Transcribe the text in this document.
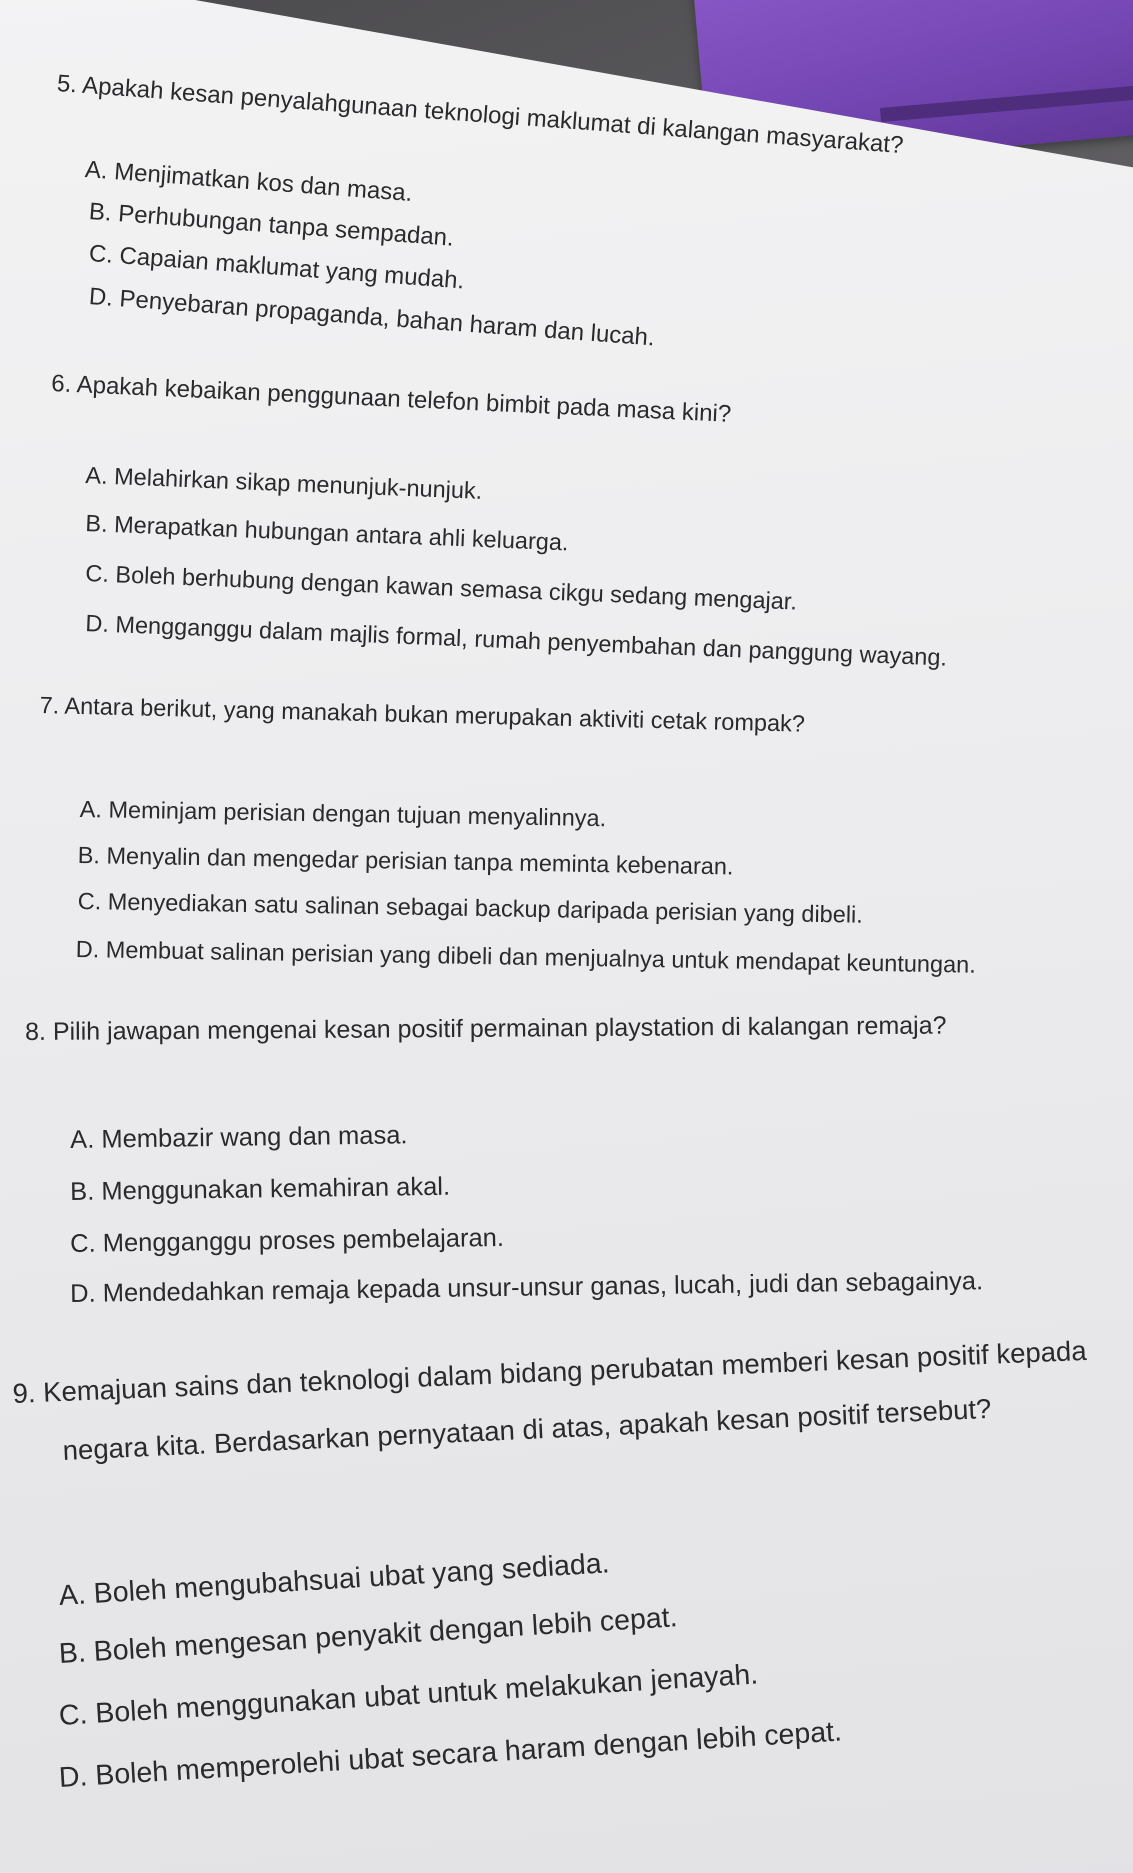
5. Apakah kesan penyalahgunaan teknologi maklumat di kalangan masyarakat?
A. Menjimatkan kos dan masa.
B. Perhubungan tanpa sempadan.
C. Capaian maklumat yang mudah.
D. Penyebaran propaganda, bahan haram dan lucah.
6. Apakah kebaikan penggunaan telefon bimbit pada masa kini?
A. Melahirkan sikap menunjuk-nunjuk.
B. Merapatkan hubungan antara ahli keluarga.
C. Boleh berhubung dengan kawan semasa cikgu sedang mengajar.
D. Mengganggu dalam majlis formal, rumah penyembahan dan panggung wayang.
7. Antara berikut, yang manakah bukan merupakan aktiviti cetak rompak?
A. Meminjam perisian dengan tujuan menyalinnya.
B. Menyalin dan mengedar perisian tanpa meminta kebenaran.
C. Menyediakan satu salinan sebagai backup daripada perisian yang dibeli.
D. Membuat salinan perisian yang dibeli dan menjualnya untuk mendapat keuntungan.
8. Pilih jawapan mengenai kesan positif permainan playstation di kalangan remaja?
A. Membazir wang dan masa.
B. Menggunakan kemahiran akal.
C. Mengganggu proses pembelajaran.
D. Mendedahkan remaja kepada unsur-unsur ganas, lucah, judi dan sebagainya.
9. Kemajuan sains dan teknologi dalam bidang perubatan memberi kesan positif kepada
negara kita. Berdasarkan pernyataan di atas, apakah kesan positif tersebut?
A. Boleh mengubahsuai ubat yang sediada.
B. Boleh mengesan penyakit dengan lebih cepat.
C. Boleh menggunakan ubat untuk melakukan jenayah.
D. Boleh memperolehi ubat secara haram dengan lebih cepat.
